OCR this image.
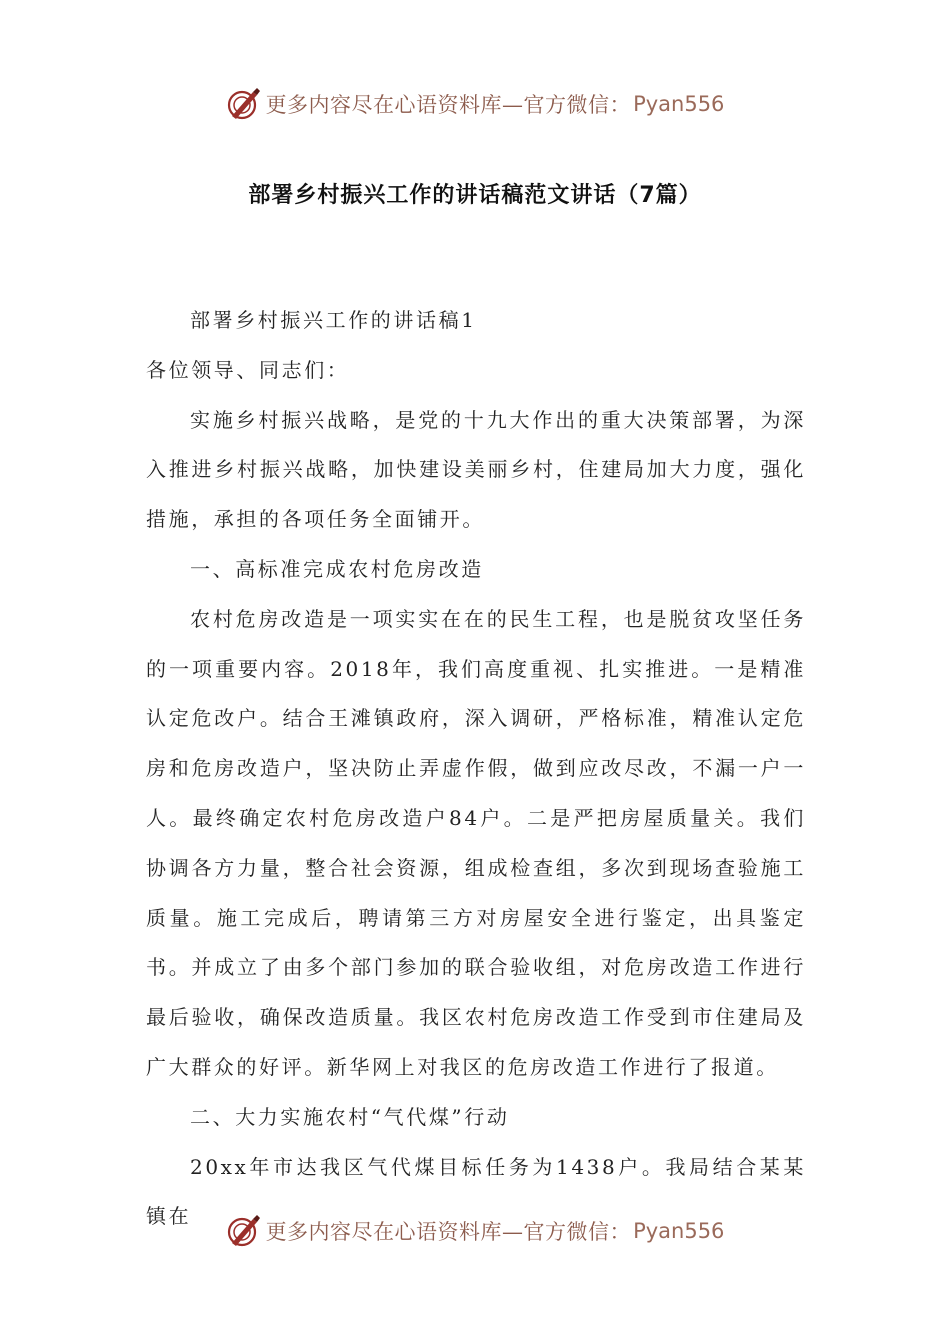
更多内容尽在心语资料库—官方微信： Pyan556
部署乡村振兴工作的讲话稿范文讲话（7篇）

部署乡村振兴工作的讲话稿1

各位领导、同志们：

实施乡村振兴战略，是党的十九大作出的重大决策部署，为深入推进乡村振兴战略，加快建设美丽乡村，住建局加大力度，强化措施，承担的各项任务全面铺开。

一、高标准完成农村危房改造

农村危房改造是一项实实在在的民生工程，也是脱贫攻坚任务的一项重要内容。2018年，我们高度重视、扎实推进。一是精准认定危改户。结合王滩镇政府，深入调研，严格标准，精准认定危房和危房改造户，坚决防止弄虚作假，做到应改尽改，不漏一户一人。最终确定农村危房改造户84户。二是严把房屋质量关。我们协调各方力量，整合社会资源，组成检查组，多次到现场查验施工质量。施工完成后，聘请第三方对房屋安全进行鉴定，出具鉴定书。并成立了由多个部门参加的联合验收组，对危房改造工作进行最后验收，确保改造质量。我区农村危房改造工作受到市住建局及广大群众的好评。新华网上对我区的危房改造工作进行了报道。

二、大力实施农村“气代煤”行动

20xx年市达我区气代煤目标任务为1438户。我局结合某某镇在

更多内容尽在心语资料库—官方微信： Pyan556
